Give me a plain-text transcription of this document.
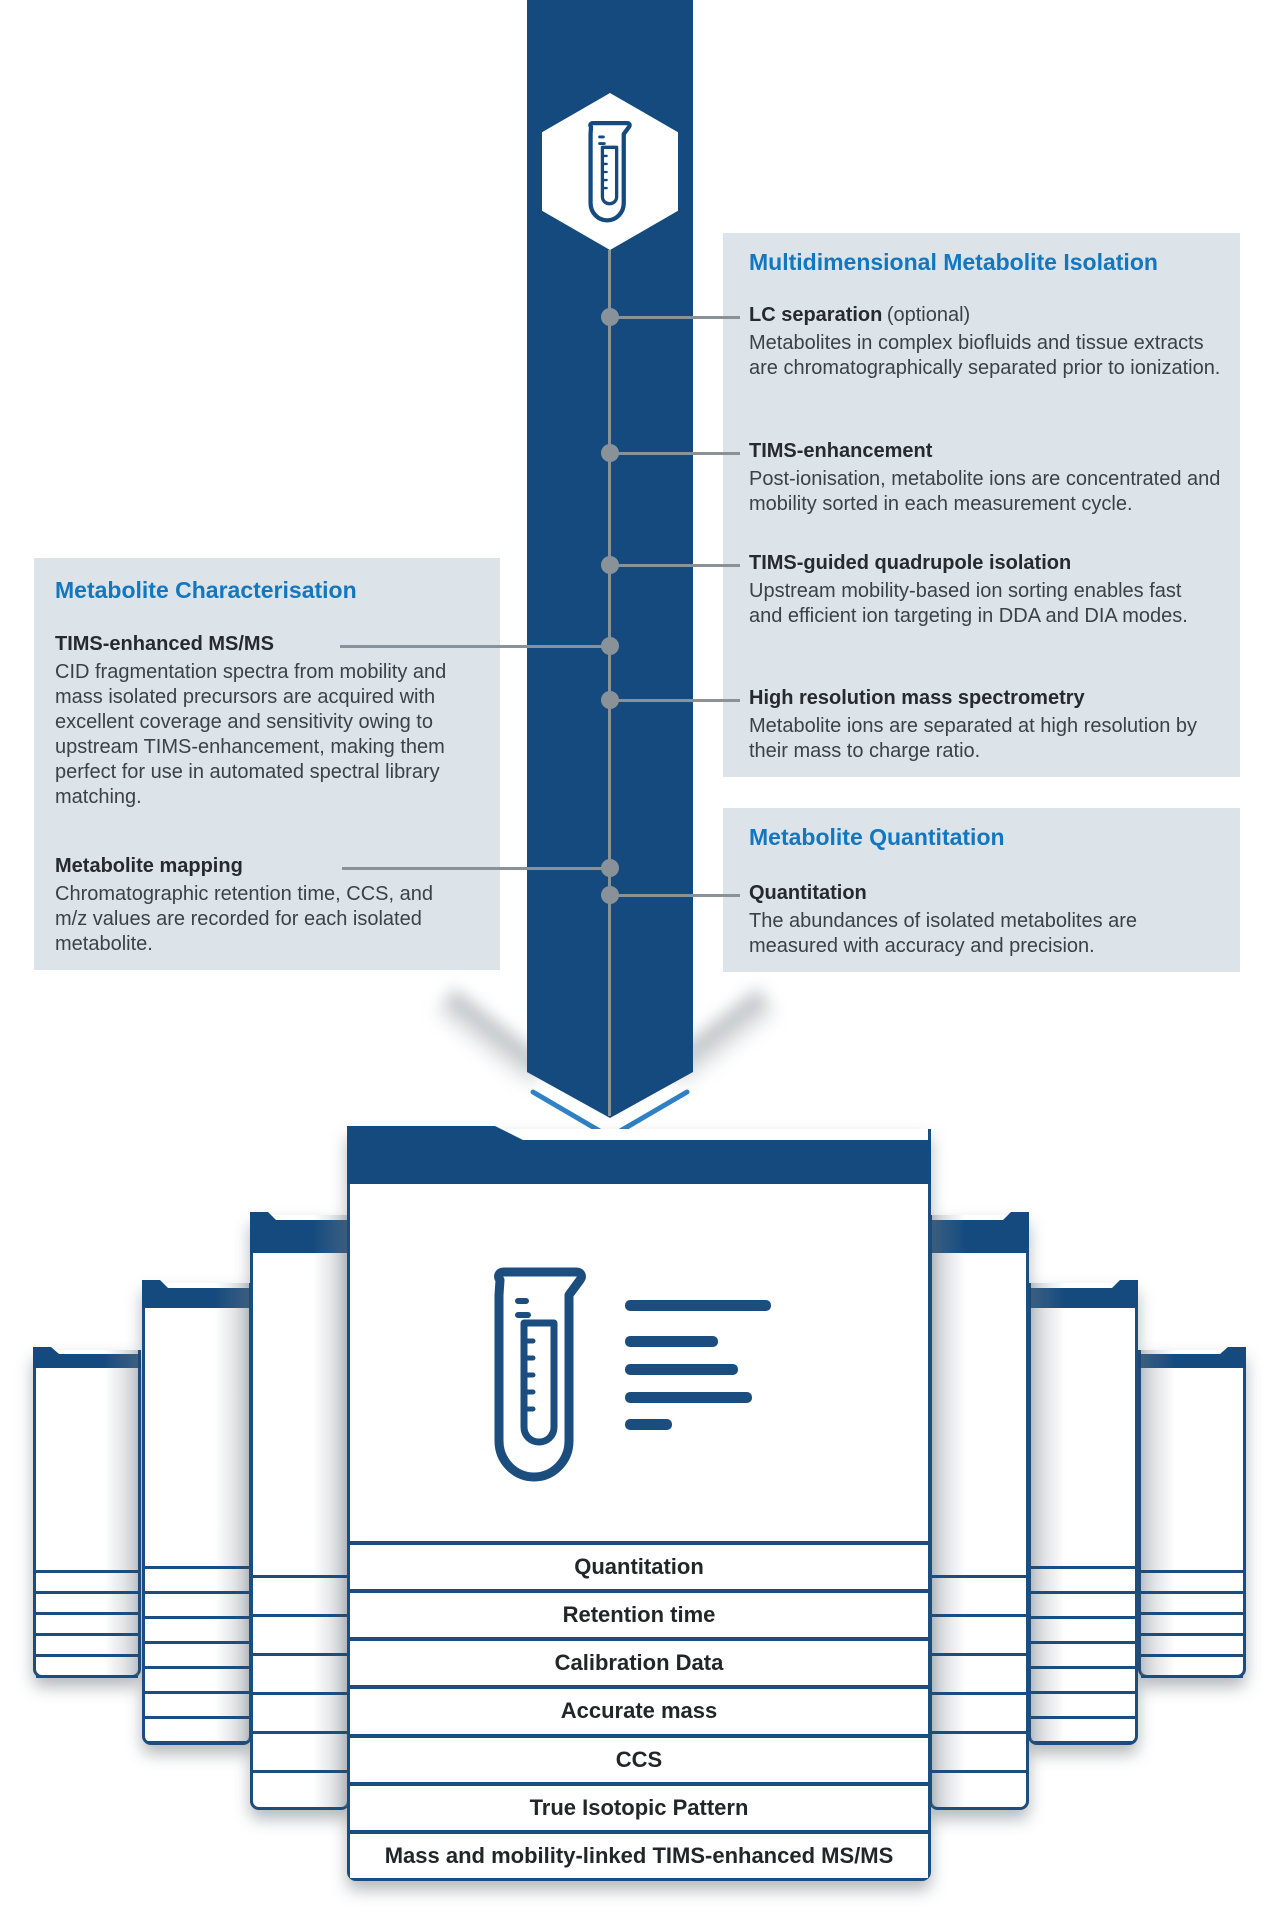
Multidimensional Metabolite Isolation
LC separation (optional)
Metabolites in complex biofluids and tissue extracts are chromatographically separated prior to ionization.
TIMS-enhancement
Post-ionisation, metabolite ions are concentrated and mobility sorted in each measurement cycle.
TIMS-guided quadrupole isolation
Upstream mobility-based ion sorting enables fast and efficient ion targeting in DDA and DIA modes.
High resolution mass spectrometry
Metabolite ions are separated at high resolution by their mass to charge ratio.
Metabolite Characterisation
TIMS-enhanced MS/MS
CID fragmentation spectra from mobility and mass isolated precursors are acquired with excellent coverage and sensitivity owing to upstream TIMS-enhancement, making them perfect for use in automated spectral library matching.
Metabolite mapping
Chromatographic retention time, CCS, and m/z values are recorded for each isolated metabolite.
Metabolite Quantitation
Quantitation
The abundances of isolated metabolites are measured with accuracy and precision.
Quantitation
Retention time
Calibration Data
Accurate mass
CCS
True Isotopic Pattern
Mass and mobility-linked TIMS-enhanced MS/MS
